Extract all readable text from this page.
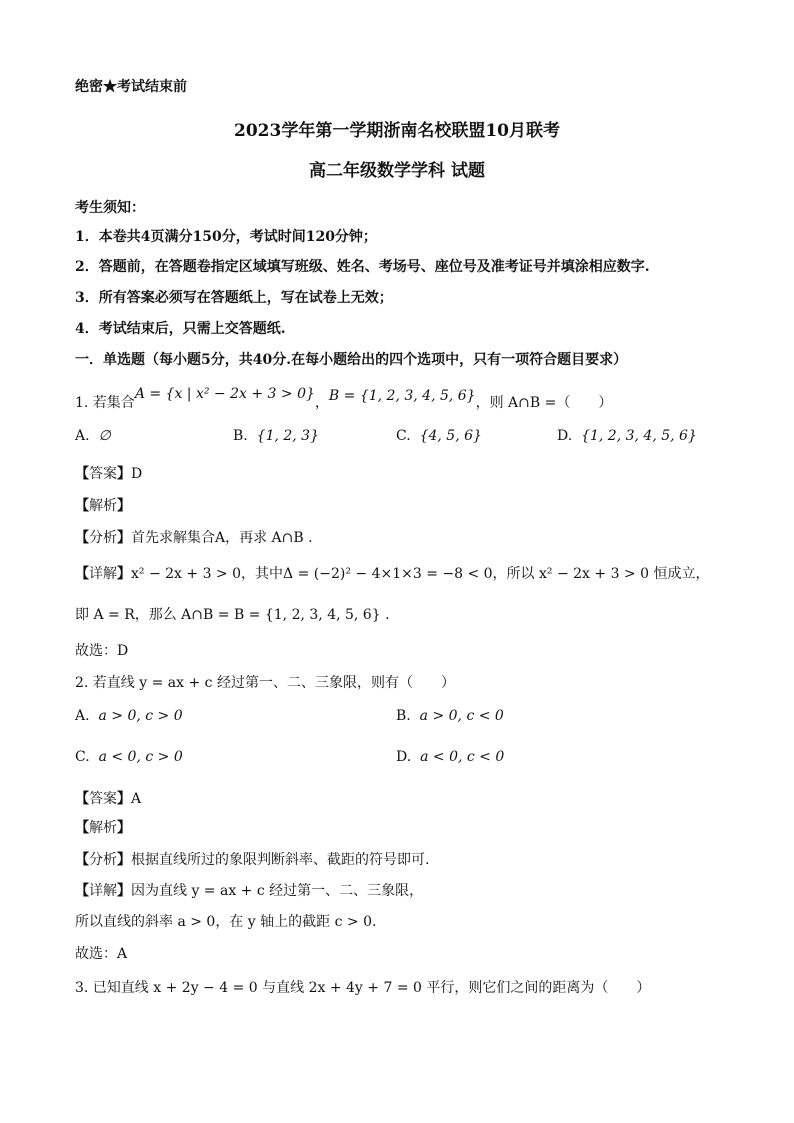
绝密★考试结束前
2023学年第一学期浙南名校联盟10月联考
高二年级数学学科 试题
考生须知：
1．本卷共4页满分150分，考试时间120分钟；
2．答题前，在答题卷指定区域填写班级、姓名、考场号、座位号及准考证号并填涂相应数字.
3．所有答案必须写在答题纸上，写在试卷上无效；
4．考试结束后，只需上交答题纸.
一．单选题（每小题5分，共40分.在每小题给出的四个选项中，只有一项符合题目要求）
1. 若集合A = {x | x² − 2x + 3 > 0}，B = {1, 2, 3, 4, 5, 6}，则 A∩B =（　　）
A. ∅	B. {1, 2, 3}	C. {4, 5, 6}	D. {1, 2, 3, 4, 5, 6}
【答案】D
【解析】
【分析】首先求解集合A，再求 A∩B .
【详解】x² − 2x + 3 > 0，其中Δ = (−2)² − 4×1×3 = −8 < 0，所以 x² − 2x + 3 > 0 恒成立，
即 A = R，那么 A∩B = B = {1, 2, 3, 4, 5, 6} .
故选：D
2. 若直线 y = ax + c 经过第一、二、三象限，则有（　　）
A. a > 0, c > 0	B. a > 0, c < 0
C. a < 0, c > 0	D. a < 0, c < 0
【答案】A
【解析】
【分析】根据直线所过的象限判断斜率、截距的符号即可.
【详解】因为直线 y = ax + c 经过第一、二、三象限，
所以直线的斜率 a > 0，在 y 轴上的截距 c > 0.
故选：A
3. 已知直线 x + 2y − 4 = 0 与直线 2x + 4y + 7 = 0 平行，则它们之间的距离为（　　）
